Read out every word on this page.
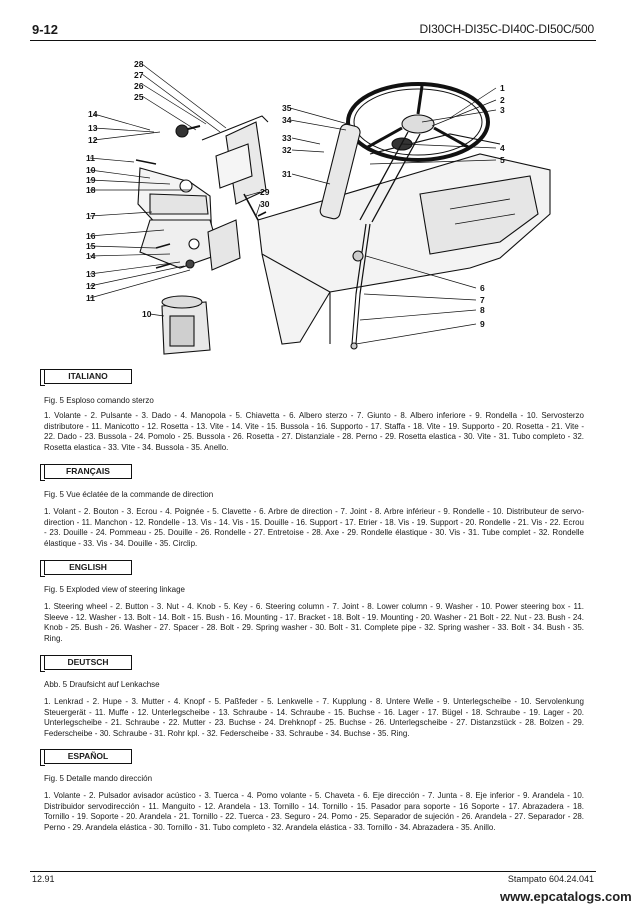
9-12	DI30CH-DI35C-DI40C-DI50C/500
28
27
26
25
14
13
12
11
10
19
18
17
16
15
14
13
12
11
10
35
34
33
32
31
29
30
1
2
3
4
5
6
7
8
9
ITALIANO
Fig. 5 Esploso comando sterzo
1. Volante - 2. Pulsante - 3. Dado - 4. Manopola - 5. Chiavetta - 6. Albero sterzo - 7. Giunto - 8. Albero inferiore - 9. Rondella - 10. Servosterzo distributore - 11. Manicotto - 12. Rosetta - 13. Vite - 14. Vite - 15. Bussola - 16. Supporto - 17. Staffa - 18. Vite - 19. Supporto - 20. Rosetta - 21. Vite - 22. Dado - 23. Bussola - 24. Pomolo - 25. Bussola - 26. Rosetta - 27. Distanziale - 28. Perno - 29. Rosetta elastica - 30. Vite - 31. Tubo completo - 32. Rosetta elastica - 33. Vite - 34. Bussola - 35. Anello.
FRANÇAIS
Fig. 5 Vue éclatée de la commande de direction
1. Volant - 2. Bouton - 3. Ecrou - 4. Poignée - 5. Clavette - 6. Arbre de direction - 7. Joint - 8. Arbre inférieur - 9. Rondelle - 10. Distributeur de servo-direction - 11. Manchon - 12. Rondelle - 13. Vis - 14. Vis - 15. Douille - 16. Support - 17. Etrier - 18. Vis - 19. Support - 20. Rondelle - 21. Vis - 22. Ecrou - 23. Douille - 24. Pommeau - 25. Douille - 26. Rondelle - 27. Entretoise - 28. Axe - 29. Rondelle élastique - 30. Vis - 31. Tube complet - 32. Rondelle élastique - 33. Vis - 34. Douille - 35. Circlip.
ENGLISH
Fig. 5 Exploded view of steering linkage
1. Steering wheel - 2. Button - 3. Nut - 4. Knob - 5. Key - 6. Steering column - 7. Joint - 8. Lower column - 9. Washer - 10. Power steering box - 11. Sleeve - 12. Washer - 13. Bolt - 14. Bolt - 15. Bush - 16. Mounting - 17. Bracket - 18. Bolt - 19. Mounting - 20. Washer - 21 Bolt - 22. Nut - 23. Bush - 24. Knob - 25. Bush - 26. Washer - 27. Spacer - 28. Bolt - 29. Spring washer - 30. Bolt - 31. Complete pipe - 32. Spring washer - 33. Bolt - 34. Bush - 35. Ring.
DEUTSCH
Abb. 5 Draufsicht auf Lenkachse
1. Lenkrad - 2. Hupe - 3. Mutter - 4. Knopf - 5. Paßfeder - 5. Lenkwelle - 7. Kupplung - 8. Untere Welle - 9. Unterlegscheibe - 10. Servolenkung Steuergerät - 11. Muffe - 12. Unterlegscheibe - 13. Schraube - 14. Schraube - 15. Buchse - 16. Lager - 17. Bügel - 18. Schraube - 19. Lager - 20. Unterlegscheibe - 21. Schraube - 22. Mutter - 23. Buchse - 24. Drehknopf - 25. Buchse - 26. Unterlegscheibe - 27. Distanzstück - 28. Bolzen - 29. Federscheibe - 30. Schraube - 31. Rohr kpl. - 32. Federscheibe - 33. Schraube - 34. Buchse - 35. Ring.
ESPAÑOL
Fig. 5 Detalle mando dirección
1. Volante - 2. Pulsador avisador acústico - 3. Tuerca - 4. Pomo volante - 5. Chaveta - 6. Eje dirección - 7. Junta - 8. Eje inferior - 9. Arandela - 10. Distribuidor servodirección - 11. Manguito - 12. Arandela - 13. Tornillo - 14. Tornillo - 15. Pasador para soporte - 16 Soporte - 17. Abrazadera - 18. Tornillo - 19. Soporte - 20. Arandela - 21. Tornillo - 22. Tuerca - 23. Seguro - 24. Pomo - 25. Separador de sujeción - 26. Arandela - 27. Separador - 28. Perno - 29. Arandela elástica - 30. Tornillo - 31. Tubo completo - 32. Arandela elástica - 33. Tornillo - 34. Abrazadera - 35. Anillo.
12.91	Stampato 604.24.041
www.epcatalogs.com
